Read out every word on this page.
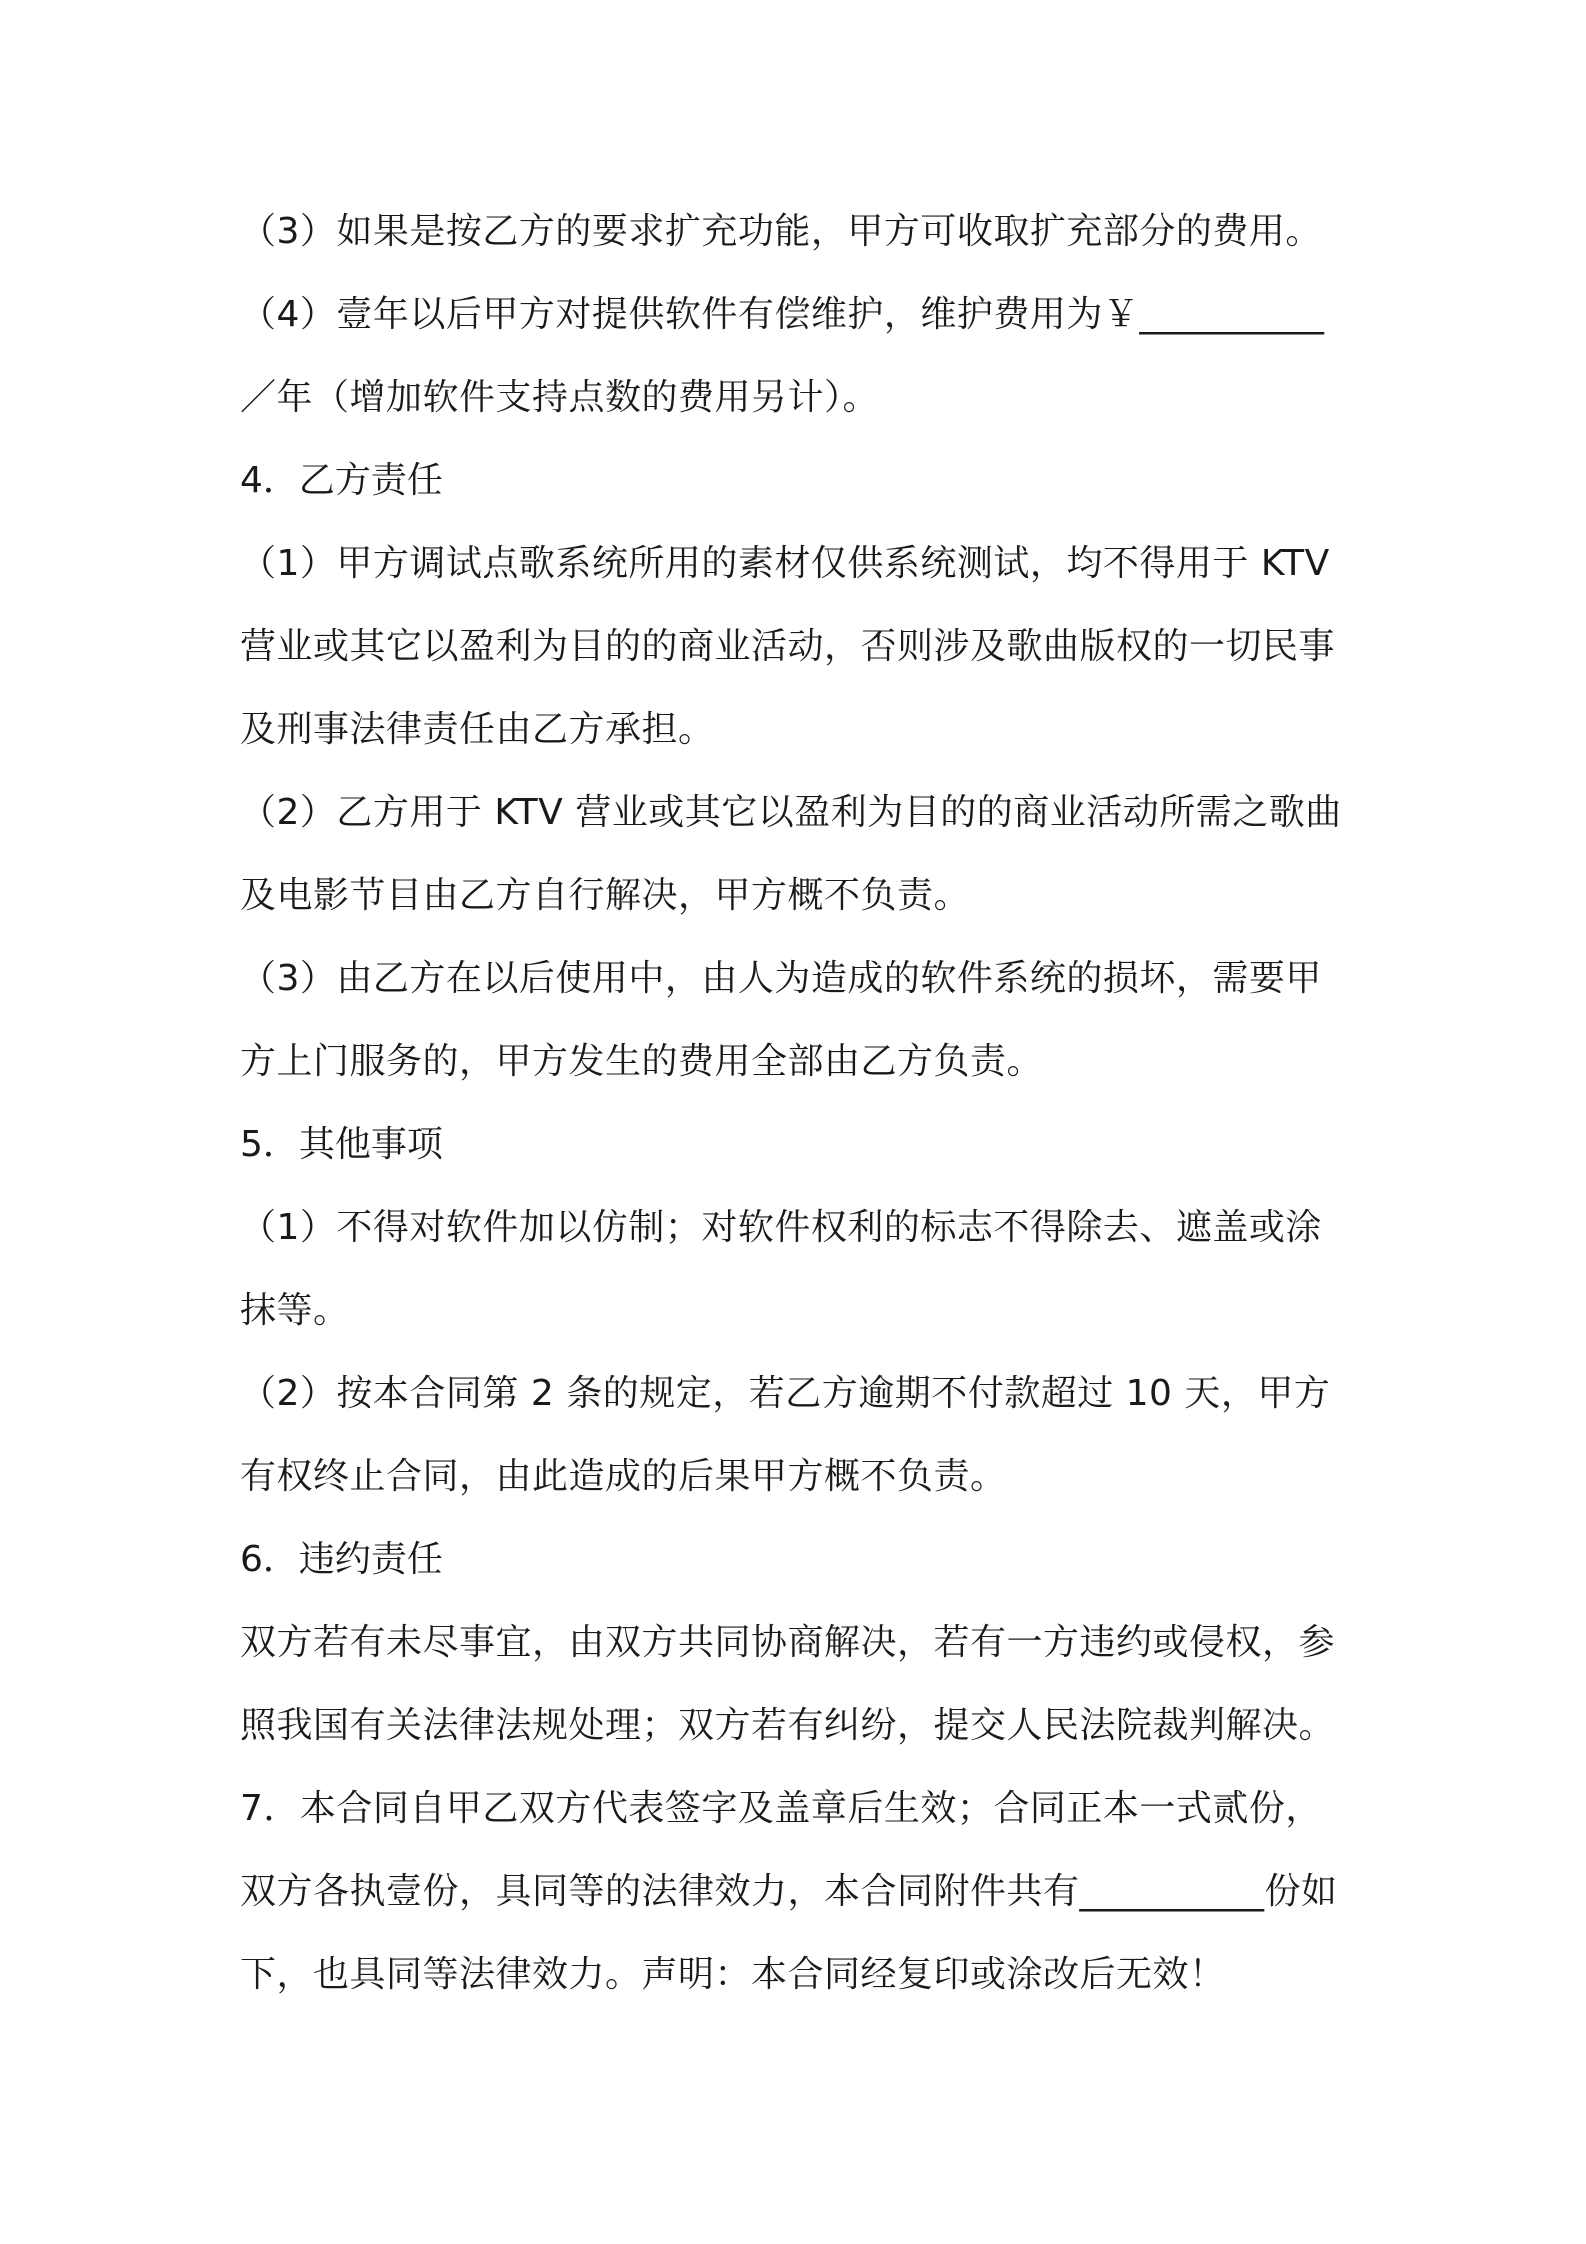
（3）如果是按乙方的要求扩充功能，甲方可收取扩充部分的费用。

（4）壹年以后甲方对提供软件有偿维护，维护费用为￥__________

／年（增加软件支持点数的费用另计）。

4．乙方责任

（1）甲方调试点歌系统所用的素材仅供系统测试，均不得用于 KTV

营业或其它以盈利为目的的商业活动，否则涉及歌曲版权的一切民事

及刑事法律责任由乙方承担。

（2）乙方用于 KTV 营业或其它以盈利为目的的商业活动所需之歌曲

及电影节目由乙方自行解决，甲方概不负责。

（3）由乙方在以后使用中，由人为造成的软件系统的损坏，需要甲

方上门服务的，甲方发生的费用全部由乙方负责。

5．其他事项

（1）不得对软件加以仿制；对软件权利的标志不得除去、遮盖或涂

抹等。

（2）按本合同第 2 条的规定，若乙方逾期不付款超过 10 天，甲方

有权终止合同，由此造成的后果甲方概不负责。

6．违约责任

双方若有未尽事宜，由双方共同协商解决，若有一方违约或侵权，参

照我国有关法律法规处理；双方若有纠纷，提交人民法院裁判解决。

7．本合同自甲乙双方代表签字及盖章后生效；合同正本一式贰份，

双方各执壹份，具同等的法律效力，本合同附件共有__________份如

下，也具同等法律效力。声明：本合同经复印或涂改后无效！
